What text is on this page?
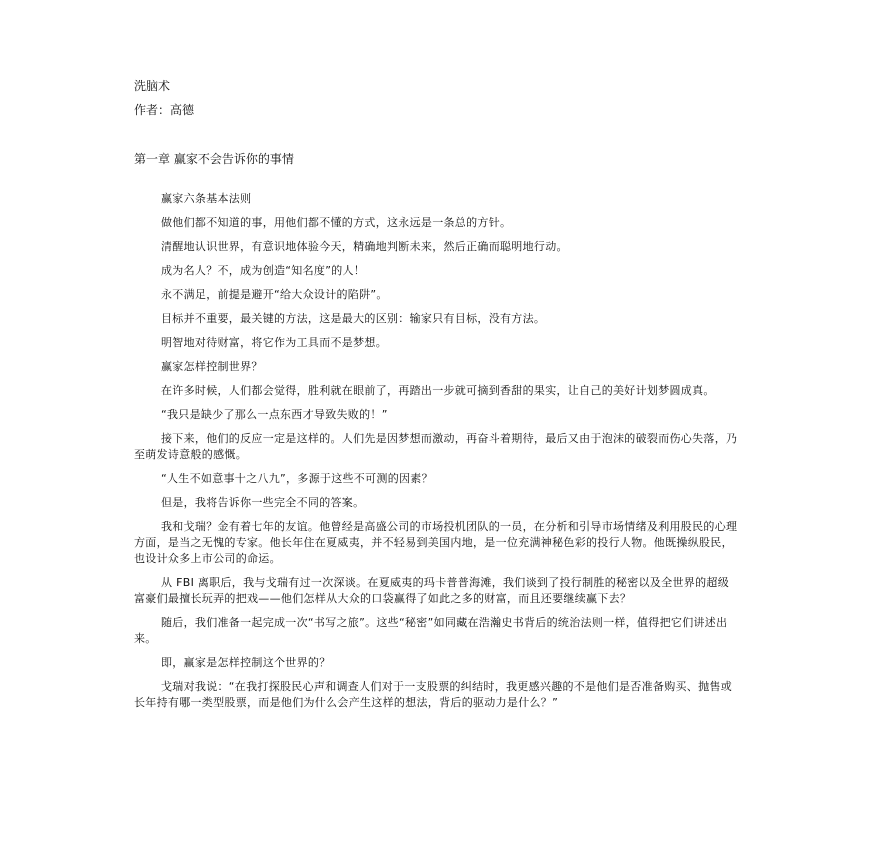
洗脑术

作者：高德

第一章 赢家不会告诉你的事情

赢家六条基本法则

做他们都不知道的事，用他们都不懂的方式，这永远是一条总的方针。

清醒地认识世界，有意识地体验今天，精确地判断未来，然后正确而聪明地行动。

成为名人？不，成为创造“知名度”的人！

永不满足，前提是避开“给大众设计的陷阱”。

目标并不重要，最关键的方法，这是最大的区别：输家只有目标，没有方法。

明智地对待财富，将它作为工具而不是梦想。

赢家怎样控制世界？

在许多时候，人们都会觉得，胜利就在眼前了，再踏出一步就可摘到香甜的果实，让自己的美好计划梦圆成真。

“我只是缺少了那么一点东西才导致失败的！”

接下来，他们的反应一定是这样的。人们先是因梦想而激动，再奋斗着期待，最后又由于泡沫的破裂而伤心失落，乃至萌发诗意般的感慨。

“人生不如意事十之八九”，多源于这些不可测的因素？

但是，我将告诉你一些完全不同的答案。

我和戈瑞？金有着七年的友谊。他曾经是高盛公司的市场投机团队的一员，在分析和引导市场情绪及利用股民的心理方面，是当之无愧的专家。他长年住在夏威夷，并不轻易到美国内地，是一位充满神秘色彩的投行人物。他既操纵股民，也设计众多上市公司的命运。

从 FBI 离职后，我与戈瑞有过一次深谈。在夏威夷的玛卡普普海滩，我们谈到了投行制胜的秘密以及全世界的超级富豪们最擅长玩弄的把戏——他们怎样从大众的口袋赢得了如此之多的财富，而且还要继续赢下去？

随后，我们准备一起完成一次“书写之旅”。这些“秘密”如同藏在浩瀚史书背后的统治法则一样，值得把它们讲述出来。

即，赢家是怎样控制这个世界的？

戈瑞对我说：“在我打探股民心声和调查人们对于一支股票的纠结时，我更感兴趣的不是他们是否准备购买、抛售或长年持有哪一类型股票，而是他们为什么会产生这样的想法，背后的驱动力是什么？”
